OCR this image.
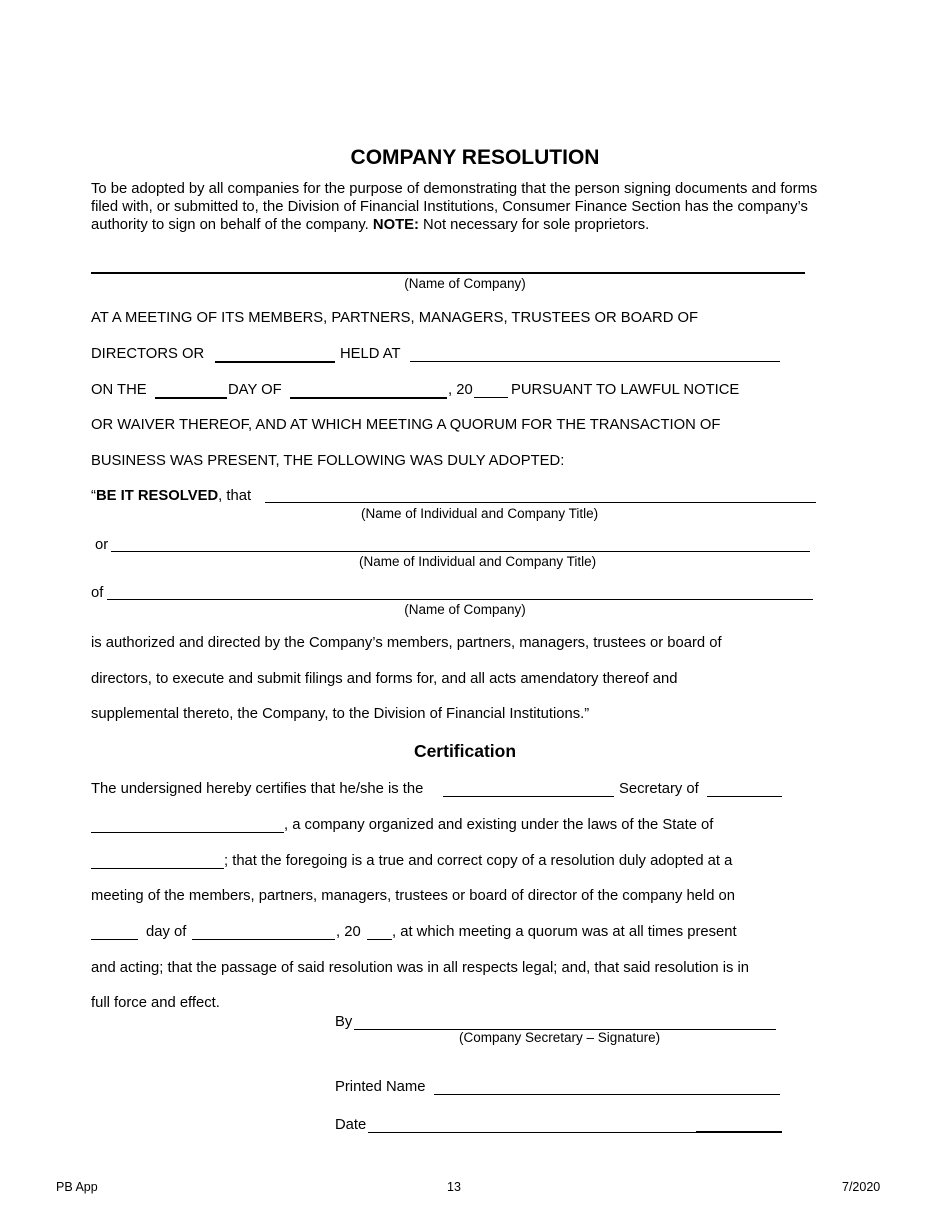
COMPANY RESOLUTION
To be adopted by all companies for the purpose of demonstrating that the person signing documents and forms filed with, or submitted to, the Division of Financial Institutions, Consumer Finance Section has the company’s authority to sign on behalf of the company. NOTE: Not necessary for sole proprietors.
(Name of Company)
AT A MEETING OF ITS MEMBERS, PARTNERS, MANAGERS, TRUSTEES OR BOARD OF
DIRECTORS OR	HELD AT
ON THE	DAY OF	, 20	PURSUANT TO LAWFUL NOTICE
OR WAIVER THEREOF, AND AT WHICH MEETING A QUORUM FOR THE TRANSACTION OF
BUSINESS WAS PRESENT, THE FOLLOWING WAS DULY ADOPTED:
“BE IT RESOLVED, that
(Name of Individual and Company Title)
or
(Name of Individual and Company Title)
of
(Name of Company)
is authorized and directed by the Company’s members, partners, managers, trustees or board of
directors, to execute and submit filings and forms for, and all acts amendatory thereof and
supplemental thereto, the Company, to the Division of Financial Institutions.”
Certification
The undersigned hereby certifies that he/she is the	Secretary of
, a company organized and existing under the laws of the State of
; that the foregoing is a true and correct copy of a resolution duly adopted at a
meeting of the members, partners, managers, trustees or board of director of the company held on
day of	, 20 , at which meeting a quorum was at all times present
and acting; that the passage of said resolution was in all respects legal; and, that said resolution is in
full force and effect.
By
(Company Secretary – Signature)
Printed Name
Date
PB App	13	7/2020
